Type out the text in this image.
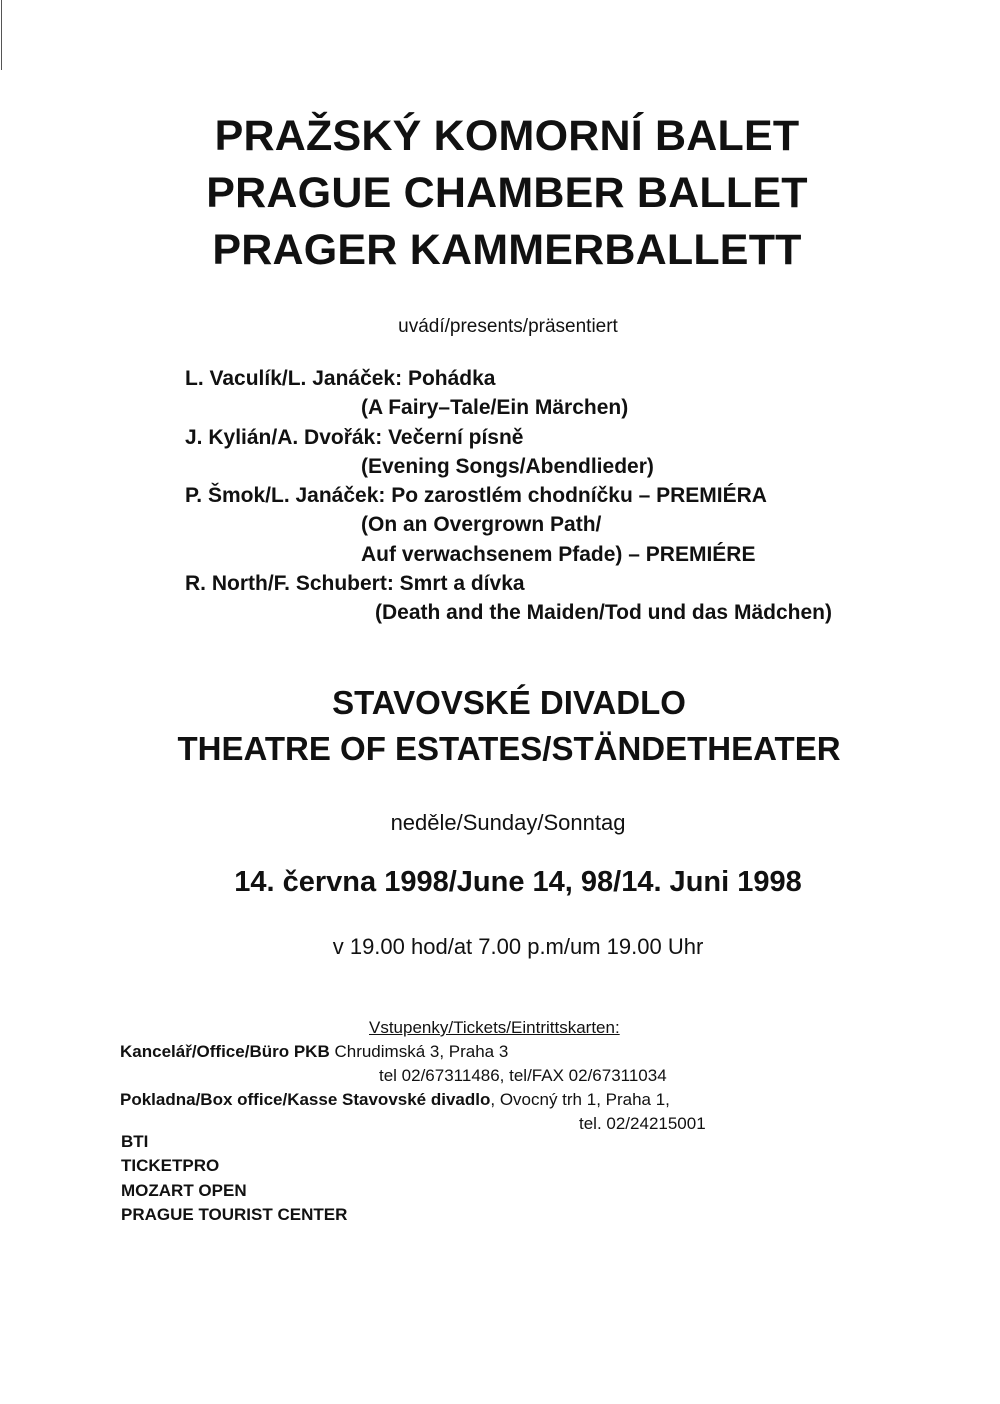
PRAŽSKÝ KOMORNÍ BALET
PRAGUE CHAMBER BALLET
PRAGER KAMMERBALLETT
uvádí/presents/präsentiert
L. Vaculík/L. Janáček: Pohádka
(A Fairy–Tale/Ein Märchen)
J. Kylián/A. Dvořák: Večerní písně
(Evening Songs/Abendlieder)
P. Šmok/L. Janáček: Po zarostlém chodníčku – PREMIÉRA
(On an Overgrown Path/
Auf verwachsenem Pfade) – PREMIÉRE
R. North/F. Schubert: Smrt a dívka
(Death and the Maiden/Tod und das Mädchen)
STAVOVSKÉ DIVADLO
THEATRE OF ESTATES/STÄNDETHEATER
neděle/Sunday/Sonntag
14. června 1998/June 14, 98/14. Juni 1998
v 19.00 hod/at 7.00 p.m/um 19.00 Uhr
Vstupenky/Tickets/Eintrittskarten:
Kancelář/Office/Büro PKB Chrudimská 3, Praha 3
tel 02/67311486, tel/FAX 02/67311034
Pokladna/Box office/Kasse Stavovské divadlo, Ovocný trh 1, Praha 1,
tel. 02/24215001
BTI
TICKETPRO
MOZART OPEN
PRAGUE TOURIST CENTER
